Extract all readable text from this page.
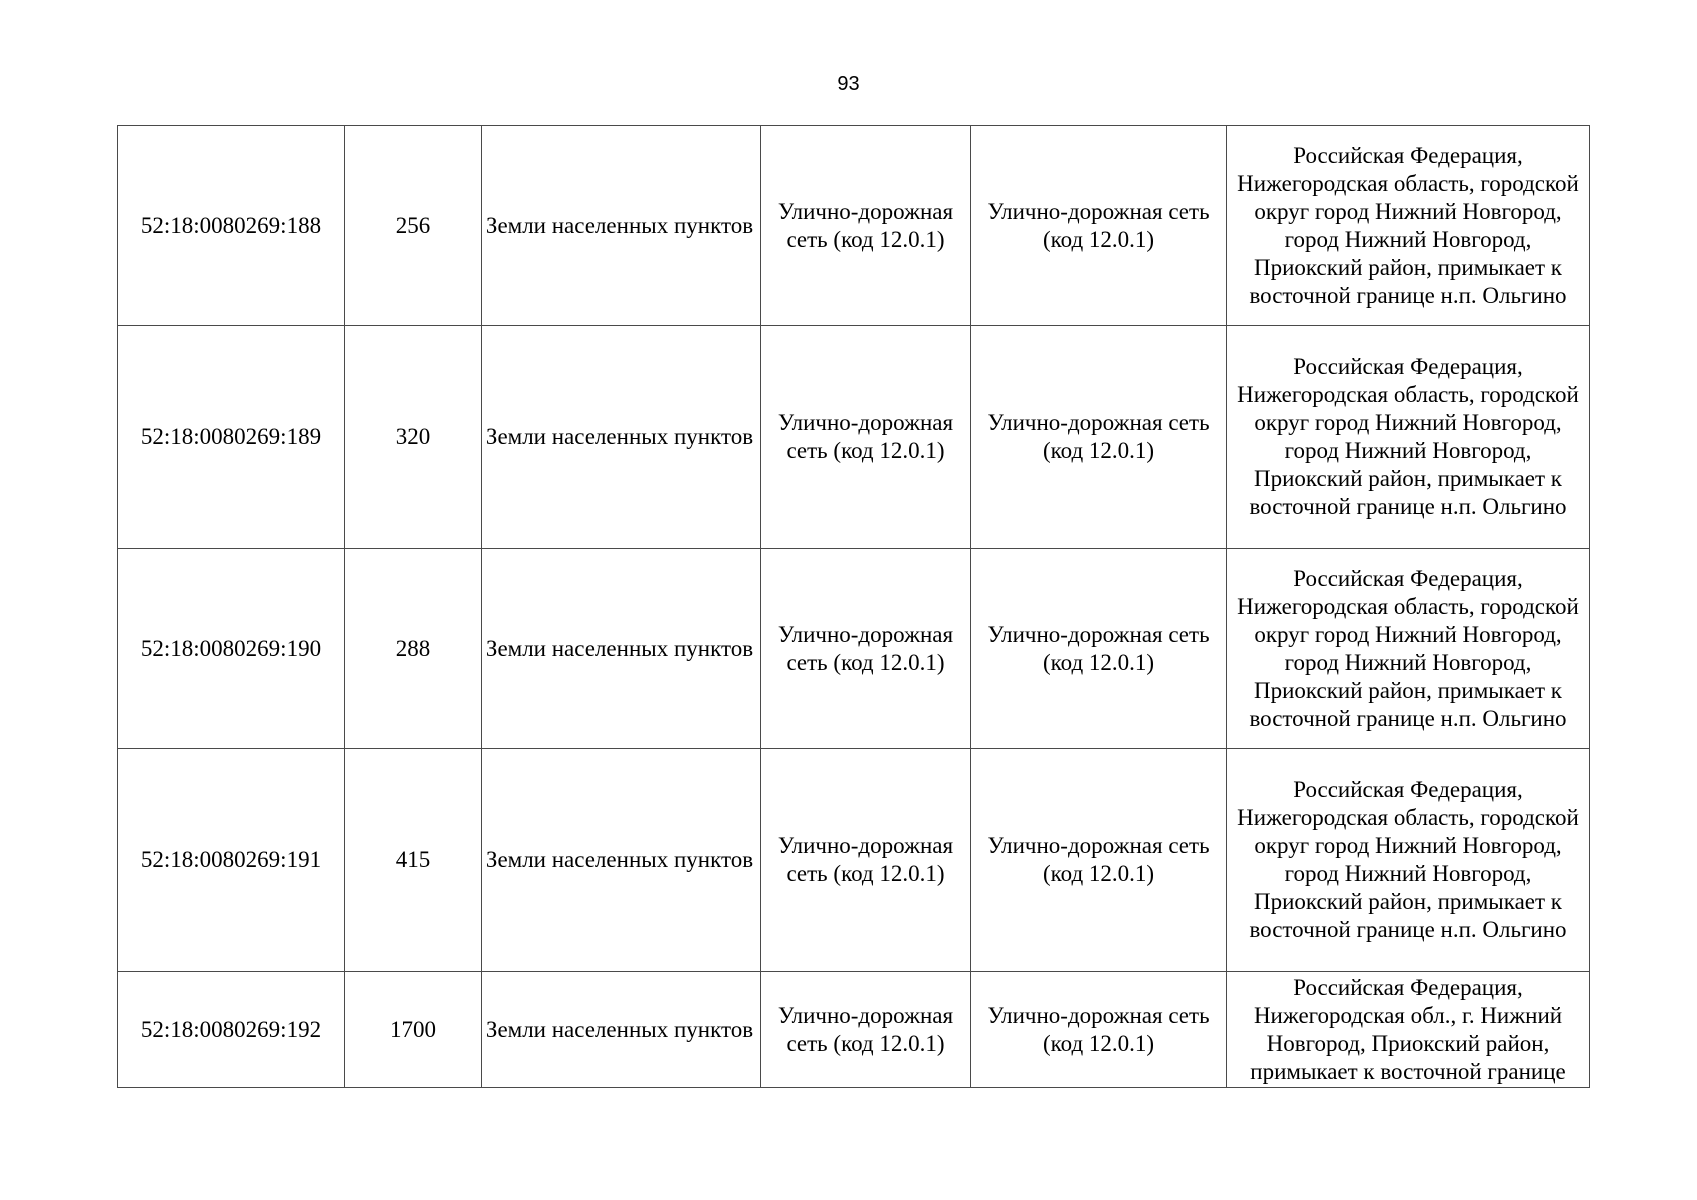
93
52:18:0080269:188	256	Земли населенных пунктов	Улично-дорожная сеть (код 12.0.1)	Улично-дорожная сеть (код 12.0.1)	Российская Федерация, Нижегородская область, городской округ город Нижний Новгород, город Нижний Новгород, Приокский район, примыкает к восточной границе н.п. Ольгино

52:18:0080269:189	320	Земли населенных пунктов	Улично-дорожная сеть (код 12.0.1)	Улично-дорожная сеть (код 12.0.1)	Российская Федерация, Нижегородская область, городской округ город Нижний Новгород, город Нижний Новгород, Приокский район, примыкает к восточной границе н.п. Ольгино

52:18:0080269:190	288	Земли населенных пунктов	Улично-дорожная сеть (код 12.0.1)	Улично-дорожная сеть (код 12.0.1)	Российская Федерация, Нижегородская область, городской округ город Нижний Новгород, город Нижний Новгород, Приокский район, примыкает к восточной границе н.п. Ольгино

52:18:0080269:191	415	Земли населенных пунктов	Улично-дорожная сеть (код 12.0.1)	Улично-дорожная сеть (код 12.0.1)	Российская Федерация, Нижегородская область, городской округ город Нижний Новгород, город Нижний Новгород, Приокский район, примыкает к восточной границе н.п. Ольгино

52:18:0080269:192	1700	Земли населенных пунктов	Улично-дорожная сеть (код 12.0.1)	Улично-дорожная сеть (код 12.0.1)	Российская Федерация, Нижегородская обл., г. Нижний Новгород, Приокский район, примыкает к восточной границе
